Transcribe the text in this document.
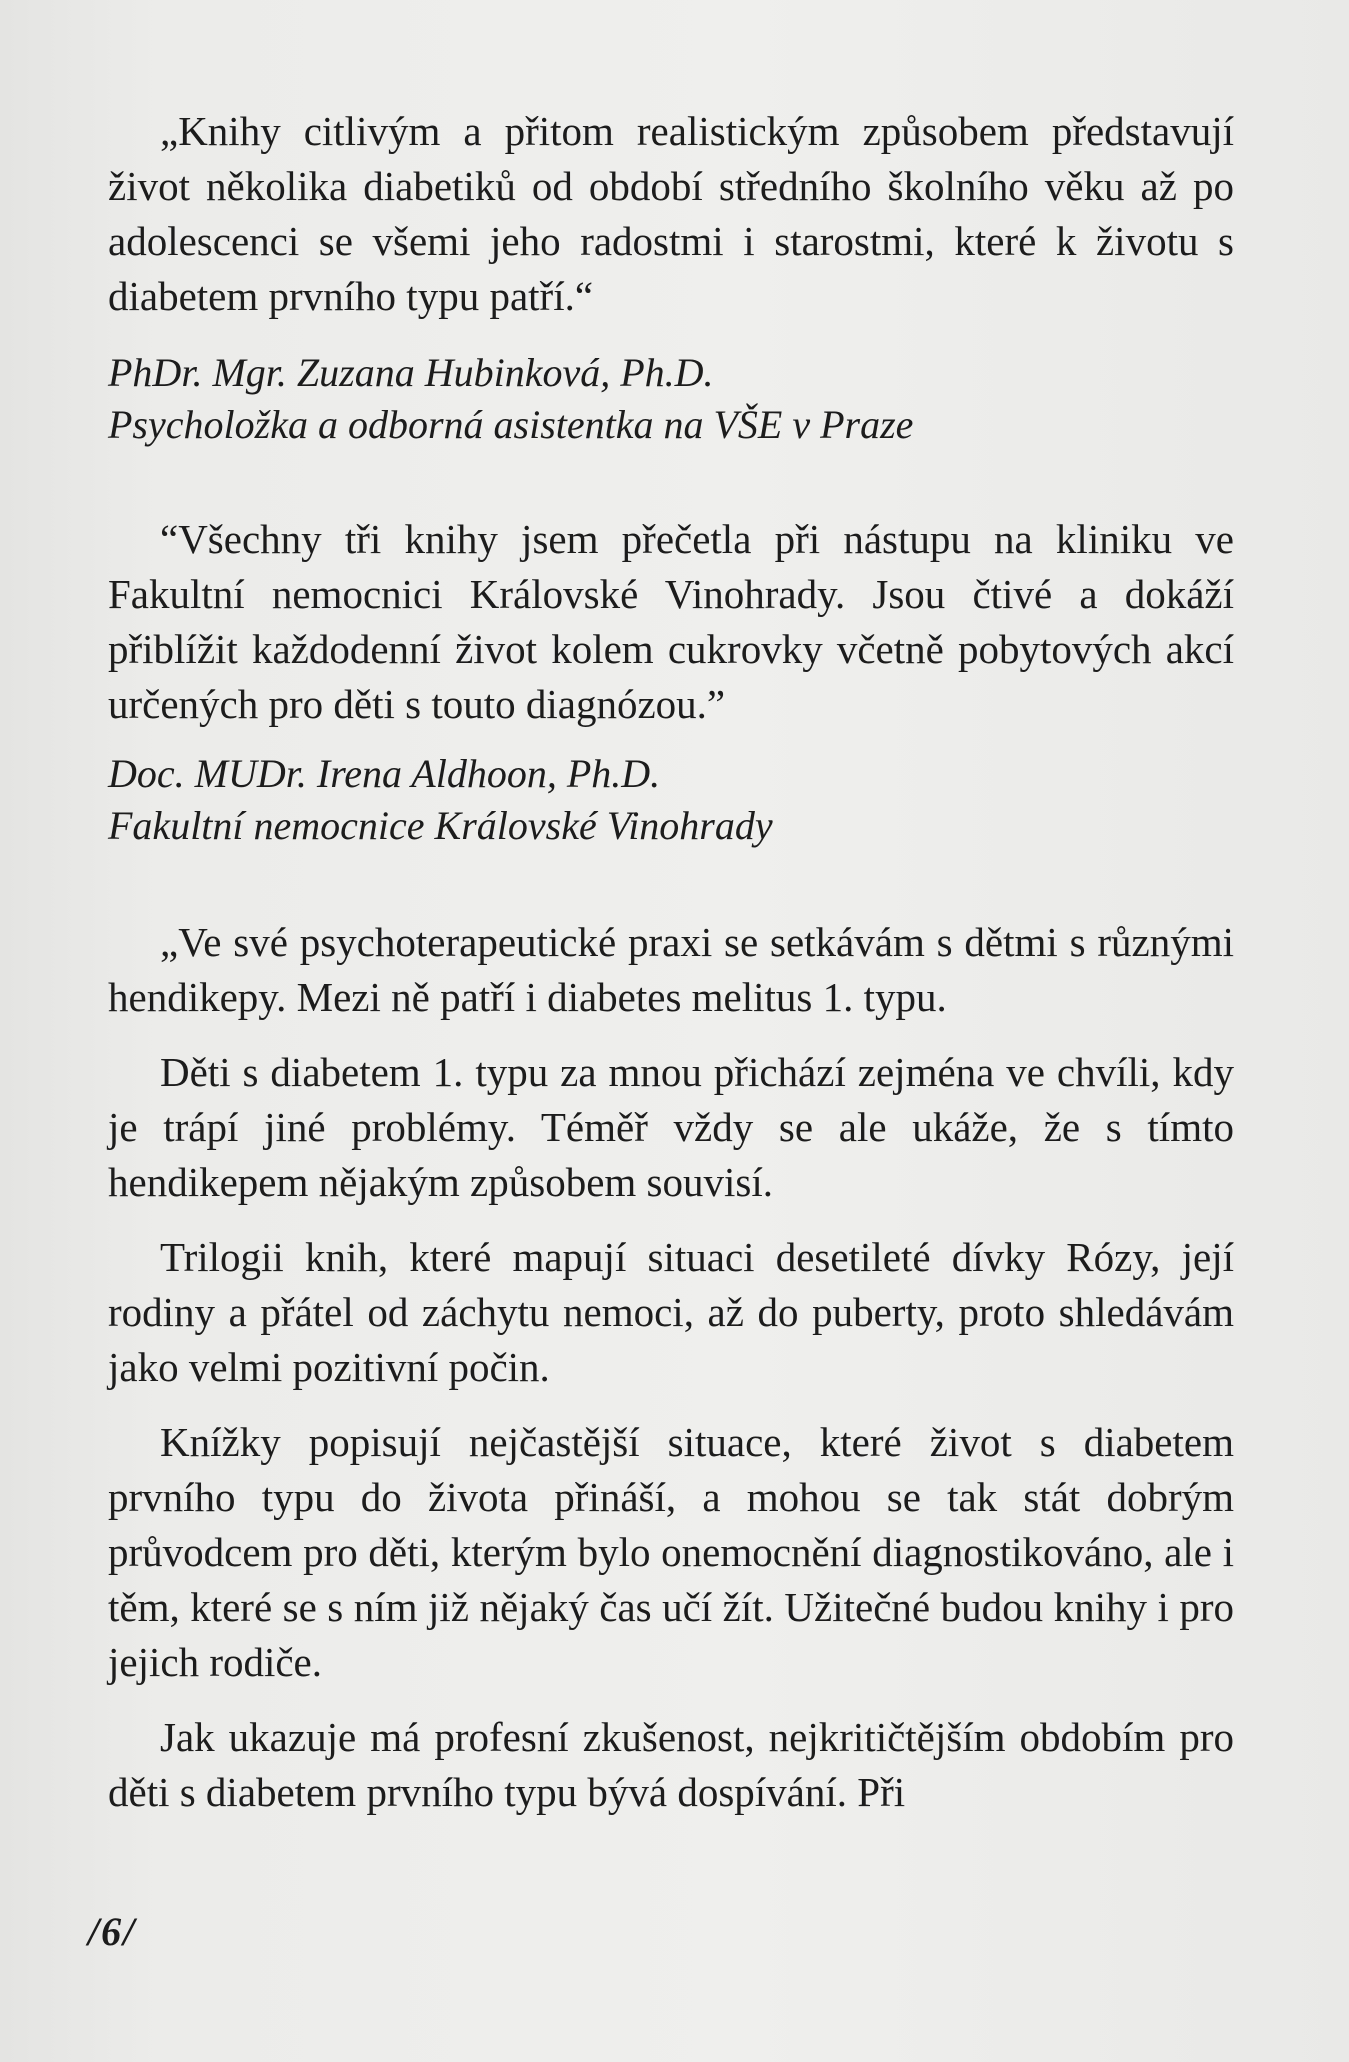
„Knihy citlivým a přitom realistickým způsobem představují život několika diabetiků od období středního školního věku až po adolescenci se všemi jeho radostmi i starostmi, které k životu s diabetem prvního typu patří.“

PhDr. Mgr. Zuzana Hubinková, Ph.D.

Psycholožka a odborná asistentka na VŠE v Praze

“Všechny tři knihy jsem přečetla při nástupu na kliniku ve Fakultní nemocnici Královské Vinohrady. Jsou čtivé a dokáží přiblížit každodenní život kolem cukrovky včetně pobytových akcí určených pro děti s touto diagnózou.”

Doc. MUDr. Irena Aldhoon, Ph.D.

Fakultní nemocnice Královské Vinohrady

„Ve své psychoterapeutické praxi se setkávám s dětmi s různými hendikepy. Mezi ně patří i diabetes melitus 1. typu.

Děti s diabetem 1. typu za mnou přichází zejména ve chvíli, kdy je trápí jiné problémy. Téměř vždy se ale ukáže, že s tímto hendikepem nějakým způsobem souvisí.

Trilogii knih, které mapují situaci desetileté dívky Rózy, její rodiny a přátel od záchytu nemoci, až do puberty, proto shledávám jako velmi pozitivní počin.

Knížky popisují nejčastější situace, které život s diabetem prvního typu do života přináší, a mohou se tak stát dobrým průvodcem pro děti, kterým bylo onemocnění diagnostikováno, ale i těm, které se s ním již nějaký čas učí žít. Užitečné budou knihy i pro jejich rodiče.

Jak ukazuje má profesní zkušenost, nejkritičtějším obdobím pro děti s diabetem prvního typu bývá dospívání. Při

/6/
